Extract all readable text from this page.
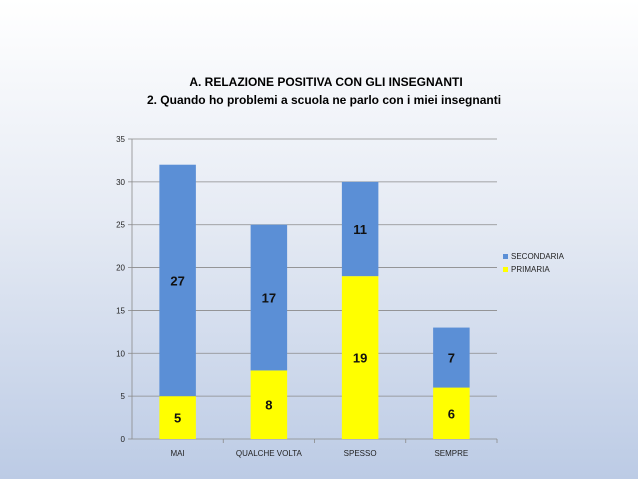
A. RELAZIONE POSITIVA CON GLI INSEGNANTI
2. Quando ho problemi a scuola ne parlo con i miei insegnanti
0
5
10
15
20
25
30
35
5
27
8
17
19
11
6
7
MAI	QUALCHE VOLTA	SPESSO	SEMPRE
SECONDARIA
PRIMARIA
